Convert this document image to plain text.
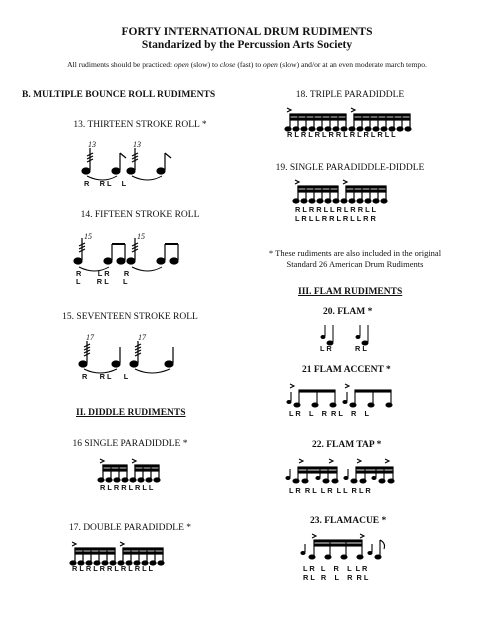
FORTY INTERNATIONAL DRUM RUDIMENTS
Standarized by the Percussion Arts Society
All rudiments should be practiced: open (slow) to close (fast) to open (slow) and/or at an even moderate march tempo.
B. MULTIPLE BOUNCE ROLL RUDIMENTS
13. THIRTEEN STROKE ROLL *
13	13
R     R L     L
14. FIFTEEN STROKE ROLL
15	15
R        L R       R
L        R L       L
15. SEVENTEEN STROKE ROLL
17	17
R      R L      L
II. DIDDLE RUDIMENTS
16 SINGLE PARADIDDLE *
R L R R L R L L
17. DOUBLE PARADIDDLE *
R L R L R R L R L R L L
18. TRIPLE PARADIDDLE
R L R L R L R R L R L R L R L L
19. SINGLE PARADIDDLE-DIDDLE
R L R R L L R L R R L L
L R L L R R L R L L R R
* These rudiments are also included in the original
Standard 26 American Drum Rudiments
III. FLAM RUDIMENTS
20. FLAM *
L R	R L
21 FLAM ACCENT *
L R    L    R  R L    R    L
22. FLAM TAP *
L R  R L  L R  L L  R L R
23. FLAMACUE *
L R   L    R    L  L R
R L   R    L    R  R L
